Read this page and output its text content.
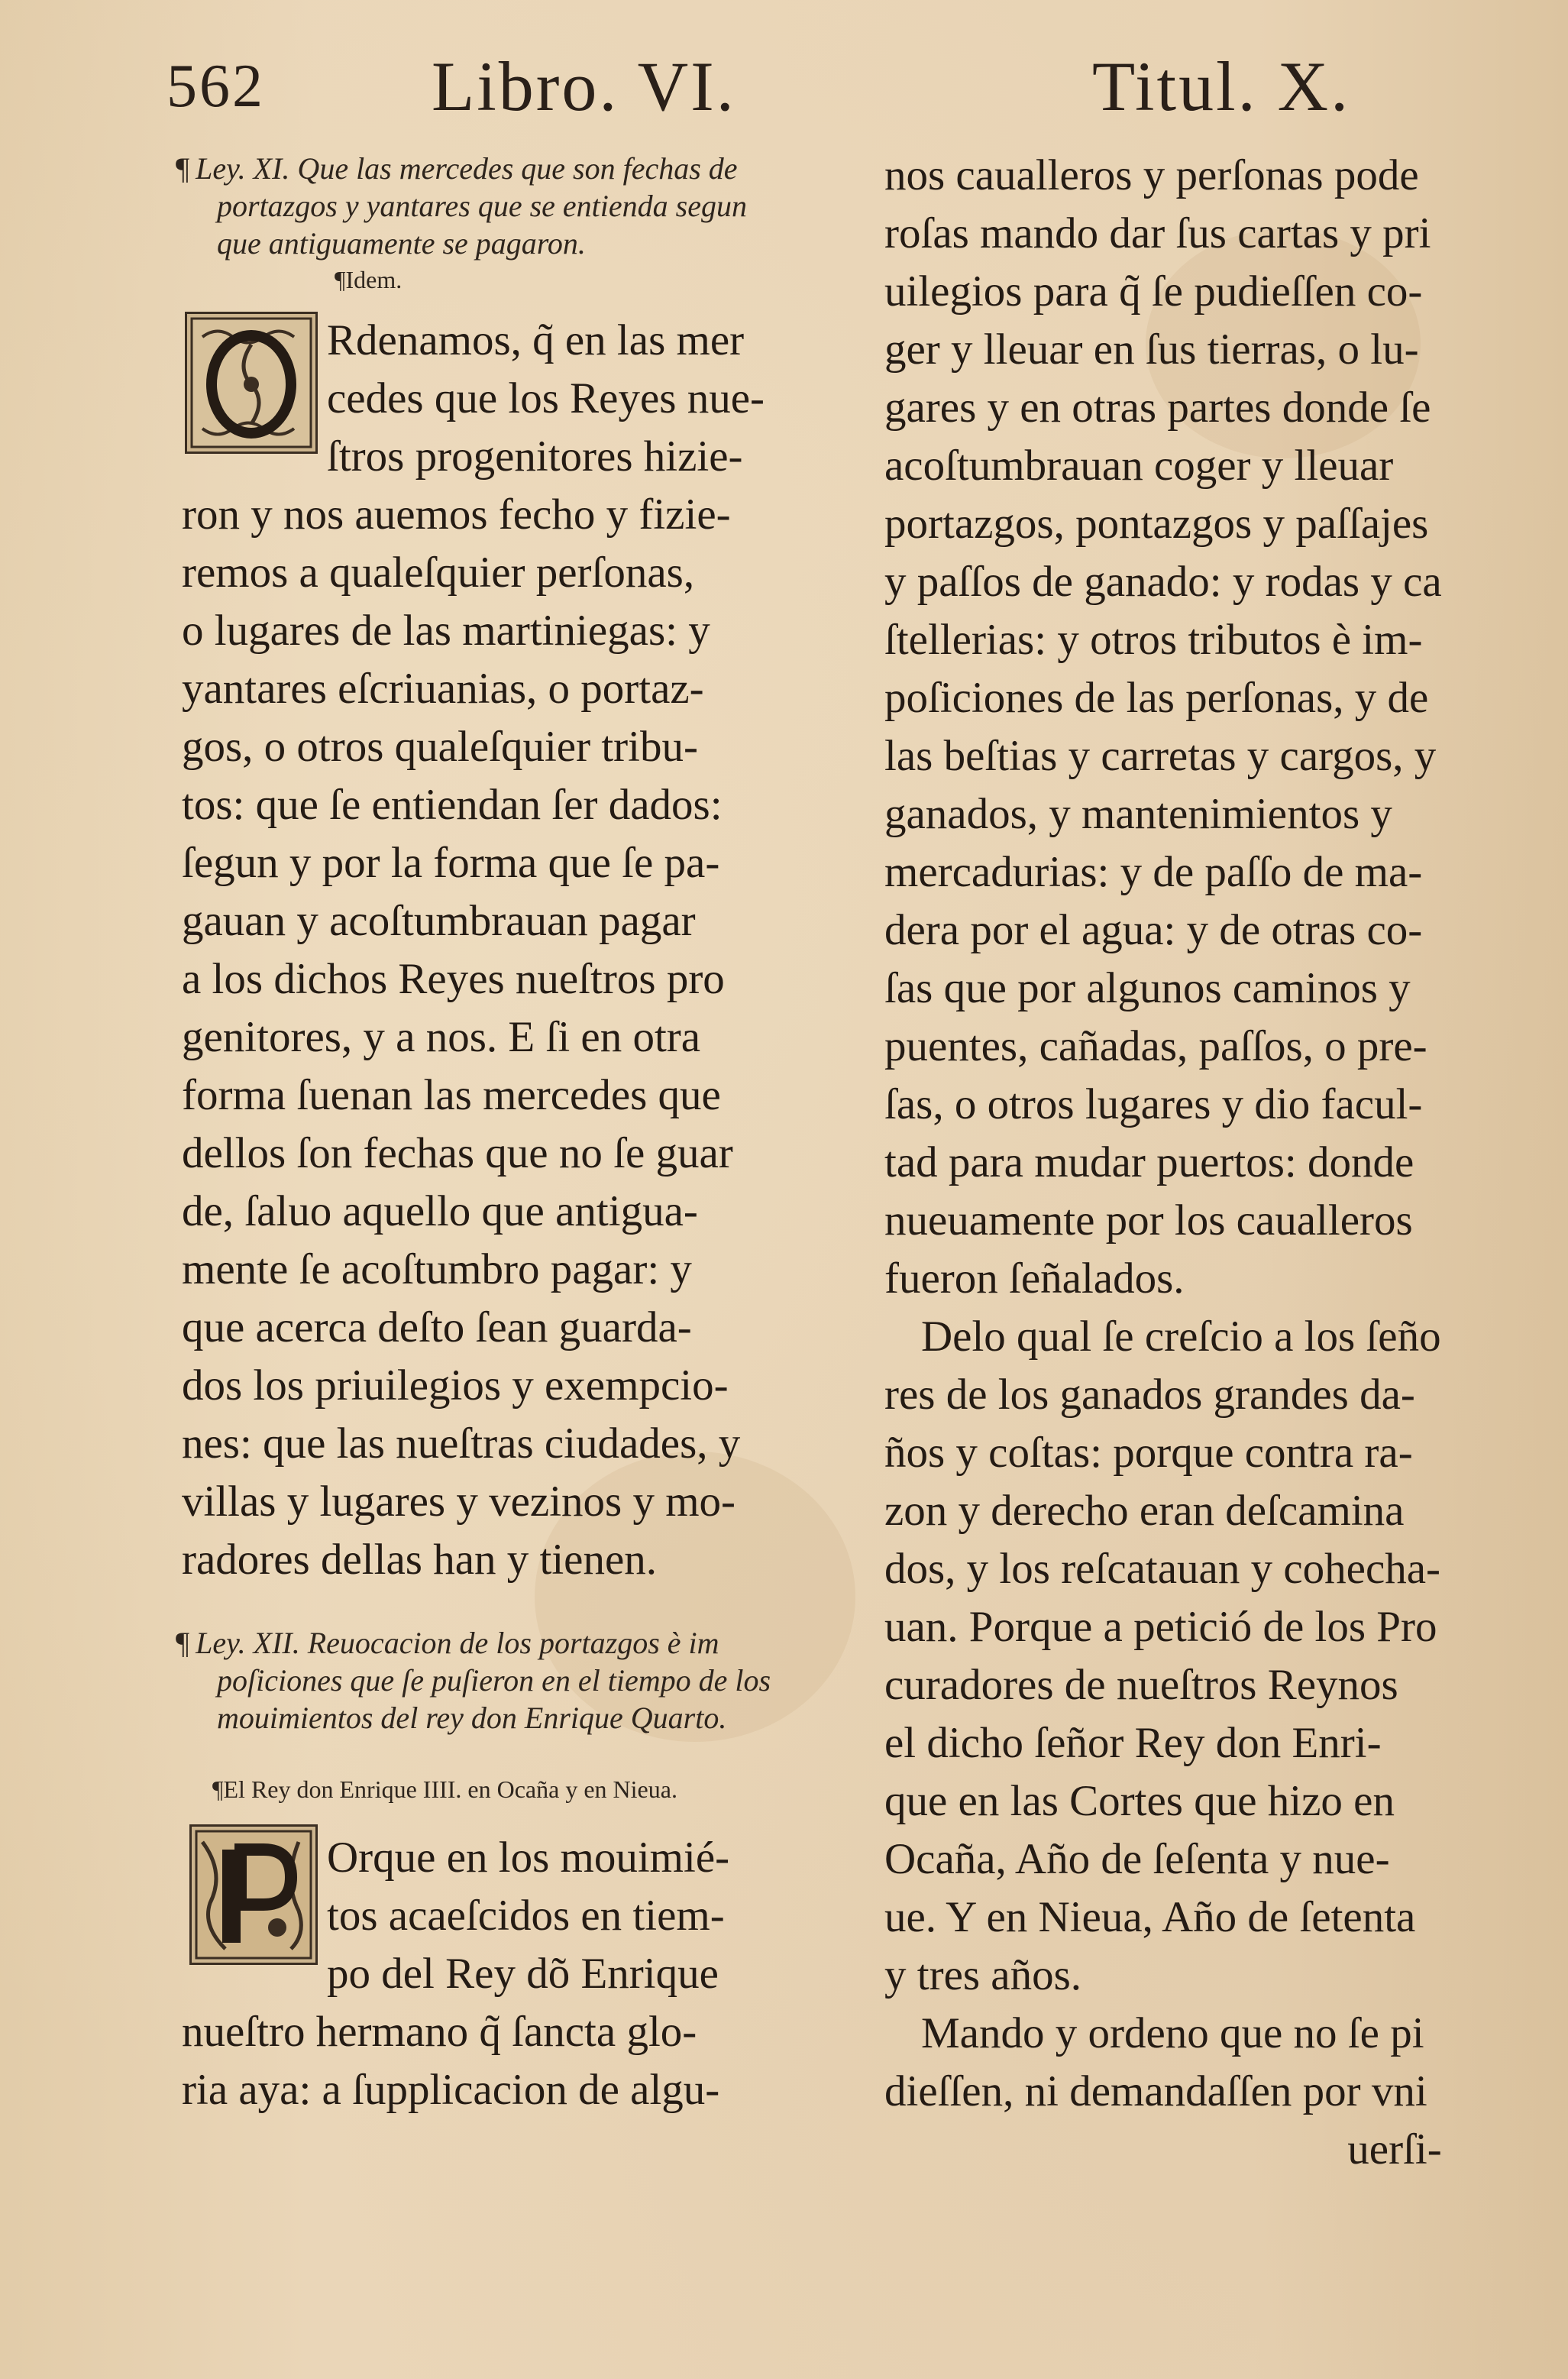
562 Libro. VI.	Titul. X.
¶ Ley. XI. Que las mercedes que son fechas de
portazgos y yantares que se entienda segun
que antiguamente se pagaron.
¶Idem.
Rdenamos, q̃ en las mer
cedes que los Reyes nue-
ſtros progenitores hizie-
ron y nos auemos fecho y fizie-
remos a qualeſquier perſonas,
o lugares de las martiniegas: y
yantares eſcriuanias, o portaz-
gos, o otros qualeſquier tribu-
tos: que ſe entiendan ſer dados:
ſegun y por la forma que ſe pa-
gauan y acoſtumbrauan pagar
a los dichos Reyes nueſtros pro
genitores, y a nos. E ſi en otra
forma ſuenan las mercedes que
dellos ſon fechas que no ſe guar
de, ſaluo aquello que antigua-
mente ſe acoſtumbro pagar: y
que acerca deſto ſean guarda-
dos los priuilegios y exempcio-
nes: que las nueſtras ciudades, y
villas y lugares y vezinos y mo-
radores dellas han y tienen.
¶ Ley. XII. Reuocacion de los portazgos è im
poſiciones que ſe puſieron en el tiempo de los
mouimientos del rey don Enrique Quarto.
¶El Rey don Enrique IIII. en Ocaña y en Nieua.
Orque en los mouimié-
tos acaeſcidos en tiem-
po del Rey dõ Enrique
nueſtro hermano q̃ ſancta glo-
ria aya: a ſupplicacion de algu-
nos caualleros y perſonas pode
roſas mando dar ſus cartas y pri
uilegios para q̃ ſe pudieſſen co-
ger y lleuar en ſus tierras, o lu-
gares y en otras partes donde ſe
acoſtumbrauan coger y lleuar
portazgos, pontazgos y paſſajes
y paſſos de ganado: y rodas y ca
ſtellerias: y otros tributos è im-
poſiciones de las perſonas, y de
las beſtias y carretas y cargos, y
ganados, y mantenimientos y
mercadurias: y de paſſo de ma-
dera por el agua: y de otras co-
ſas que por algunos caminos y
puentes, cañadas, paſſos, o pre-
ſas, o otros lugares y dio facul-
tad para mudar puertos: donde
nueuamente por los caualleros
fueron ſeñalados.
Delo qual ſe creſcio a los ſeño
res de los ganados grandes da-
ños y coſtas: porque contra ra-
zon y derecho eran deſcamina
dos, y los reſcatauan y cohecha-
uan. Porque a petició de los Pro
curadores de nueſtros Reynos
el dicho ſeñor Rey don Enri-
que en las Cortes que hizo en
Ocaña, Año de ſeſenta y nue-
ue. Y en Nieua, Año de ſetenta
y tres años.
Mando y ordeno que no ſe pi
dieſſen, ni demandaſſen por vni
uerſi-
